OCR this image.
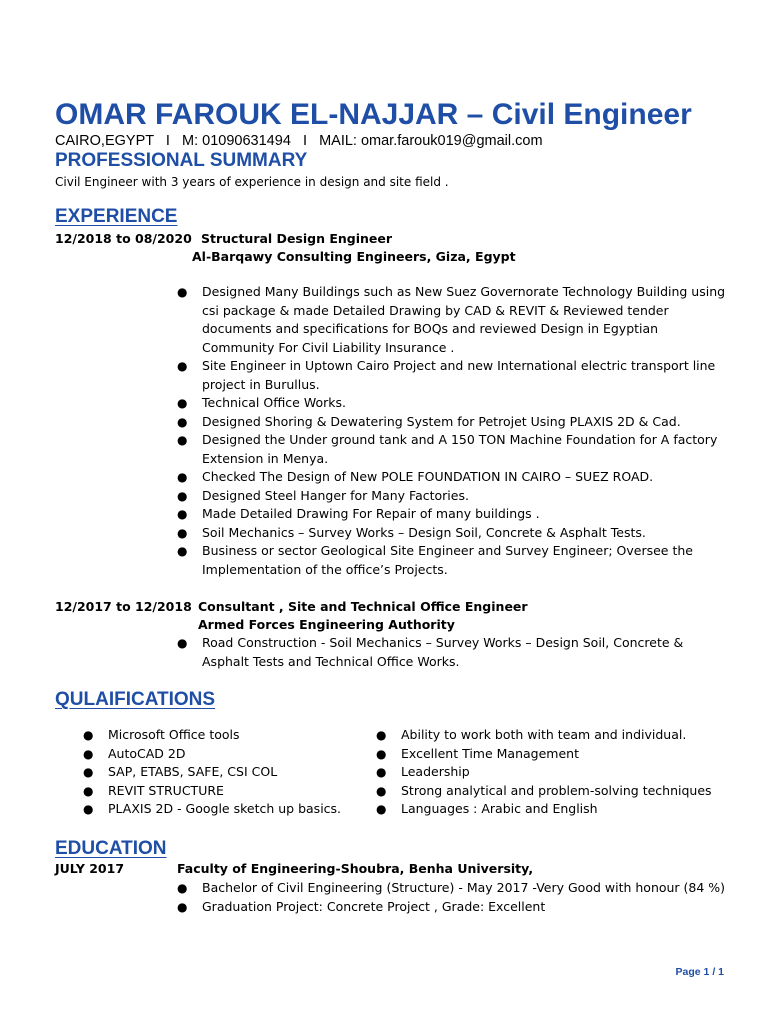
OMAR FAROUK EL-NAJJAR – Civil Engineer

CAIRO,EGYPT   I   M: 01090631494   I   MAIL: omar.farouk019@gmail.com

PROFESSIONAL SUMMARY

Civil Engineer with 3 years of experience in design and site field .

EXPERIENCE

12/2018 to 08/2020 Structural Design Engineer

Al-Barqawy Consulting Engineers, Giza, Egypt

● Designed Many Buildings such as New Suez Governorate Technology Building using csi package & made Detailed Drawing by CAD & REVIT & Reviewed tender documents and specifications for BOQs and reviewed Design in Egyptian Community For Civil Liability Insurance .
● Site Engineer in Uptown Cairo Project and new International electric transport line project in Burullus.
● Technical Office Works.
● Designed Shoring & Dewatering System for Petrojet Using PLAXIS 2D & Cad.
● Designed the Under ground tank and A 150 TON Machine Foundation for A factory Extension in Menya.
● Checked The Design of New POLE FOUNDATION IN CAIRO – SUEZ ROAD.
● Designed Steel Hanger for Many Factories.
● Made Detailed Drawing For Repair of many buildings .
● Soil Mechanics – Survey Works – Design Soil, Concrete & Asphalt Tests.
● Business or sector Geological Site Engineer and Survey Engineer; Oversee the Implementation of the office’s Projects.

12/2017 to 12/2018 Consultant , Site and Technical Office Engineer

Armed Forces Engineering Authority

● Road Construction - Soil Mechanics – Survey Works – Design Soil, Concrete & Asphalt Tests and Technical Office Works.
QULAIFICATIONS
● Microsoft Office tools
● AutoCAD 2D
● SAP, ETABS, SAFE, CSI COL
● REVIT STRUCTURE
● PLAXIS 2D - Google sketch up basics.
● Ability to work both with team and individual.
● Excellent Time Management
● Leadership
● Strong analytical and problem-solving techniques
● Languages : Arabic and English
EDUCATION

JULY 2017	Faculty of Engineering-Shoubra, Benha University,

● Bachelor of Civil Engineering (Structure) - May 2017 -Very Good with honour (84 %)
● Graduation Project: Concrete Project , Grade: Excellent

Page 1 / 1
